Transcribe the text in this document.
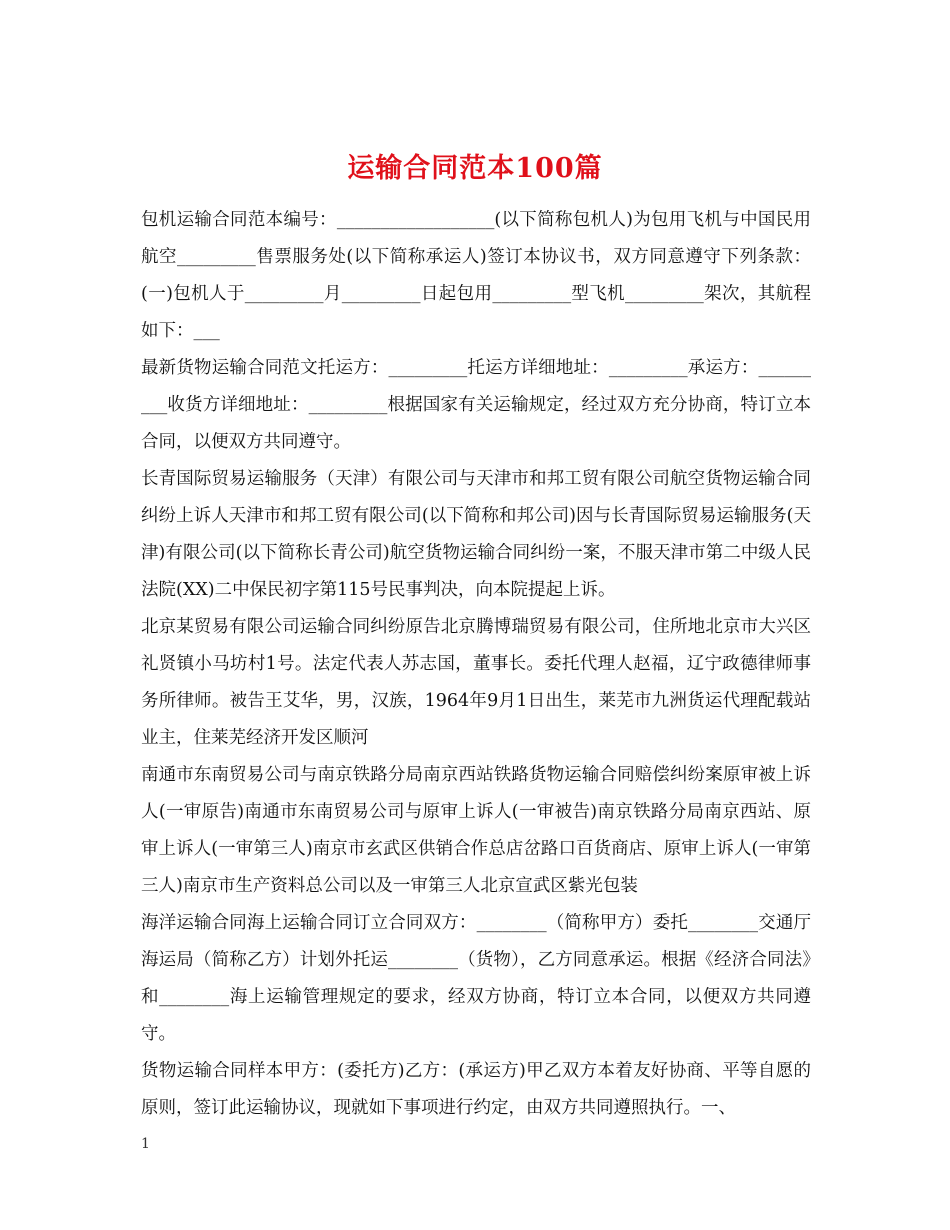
运输合同范本100篇

包机运输合同范本编号：__________________(以下简称包机人)为包用飞机与中国民用航空_________售票服务处(以下简称承运人)签订本协议书，双方同意遵守下列条款：(一)包机人于_________月_________日起包用_________型飞机_________架次，其航程如下：___

最新货物运输合同范文托运方：_________托运方详细地址：_________承运方：_________收货方详细地址：_________根据国家有关运输规定，经过双方充分协商，特订立本合同，以便双方共同遵守。

长青国际贸易运输服务（天津）有限公司与天津市和邦工贸有限公司航空货物运输合同纠纷上诉人天津市和邦工贸有限公司(以下简称和邦公司)因与长青国际贸易运输服务(天津)有限公司(以下简称长青公司)航空货物运输合同纠纷一案，不服天津市第二中级人民法院(XX)二中保民初字第115号民事判决，向本院提起上诉。

北京某贸易有限公司运输合同纠纷原告北京腾博瑞贸易有限公司，住所地北京市大兴区礼贤镇小马坊村1号。法定代表人苏志国，董事长。委托代理人赵福，辽宁政德律师事务所律师。被告王艾华，男，汉族，1964年9月1日出生，莱芜市九洲货运代理配载站业主，住莱芜经济开发区顺河

南通市东南贸易公司与南京铁路分局南京西站铁路货物运输合同赔偿纠纷案原审被上诉人(一审原告)南通市东南贸易公司与原审上诉人(一审被告)南京铁路分局南京西站、原审上诉人(一审第三人)南京市玄武区供销合作总店岔路口百货商店、原审上诉人(一审第三人)南京市生产资料总公司以及一审第三人北京宣武区紫光包装

海洋运输合同海上运输合同订立合同双方：________（简称甲方）委托________交通厅海运局（简称乙方）计划外托运________（货物），乙方同意承运。根据《经济合同法》和________海上运输管理规定的要求，经双方协商，特订立本合同，以便双方共同遵守。

货物运输合同样本甲方：(委托方)乙方：(承运方)甲乙双方本着友好协商、平等自愿的原则，签订此运输协议，现就如下事项进行约定，由双方共同遵照执行。一、

1
